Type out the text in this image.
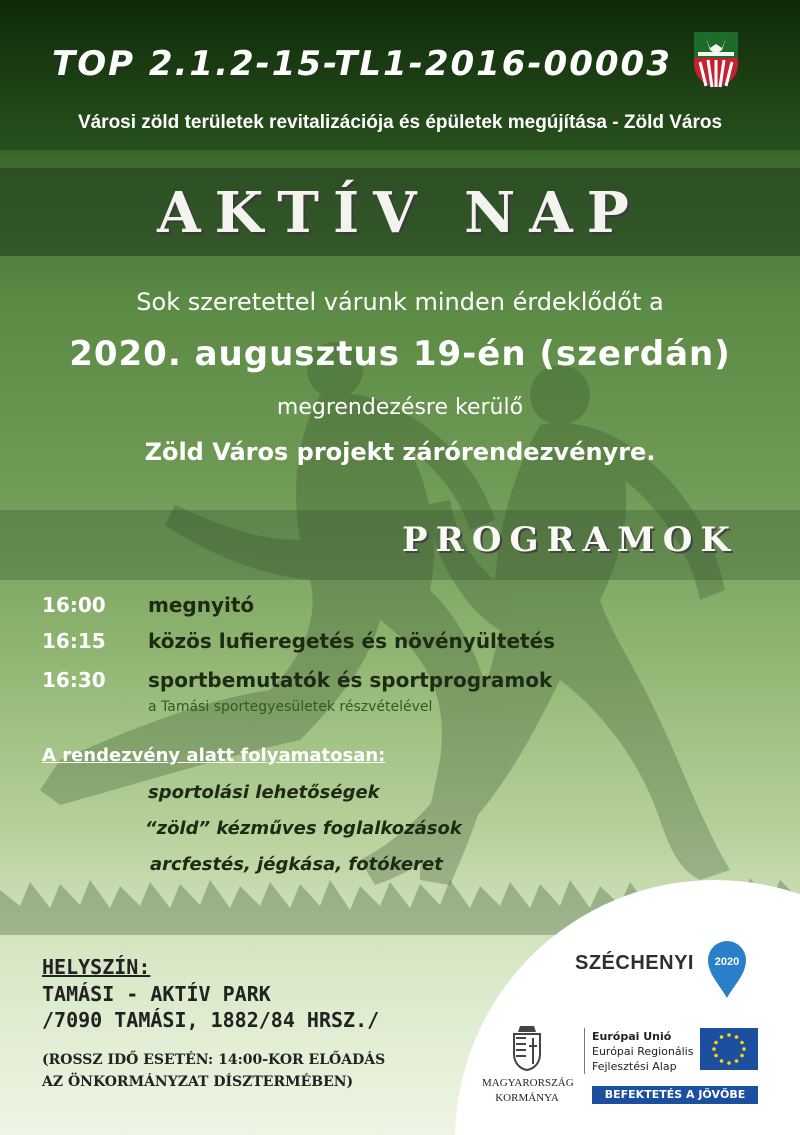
TOP 2.1.2-15-TL1-2016-00003
Városi zöld területek revitalizációja és épületek megújítása - Zöld Város
AKTÍV NAP
Sok szeretettel várunk minden érdeklődőt a
2020. augusztus 19-én (szerdán)
megrendezésre kerülő
Zöld Város projekt zárórendezvényre.
PROGRAMOK
16:00 megnyitó
16:15 közös lufieregetés és növényültetés
16:30 sportbemutatók és sportprogramok
a Tamási sportegyesületek részvételével
A rendezvény alatt folyamatosan:
sportolási lehetőségek
“zöld” kézműves foglalkozások
arcfestés, jégkása, fotókeret
HELYSZÍN:
TAMÁSI - AKTÍV PARK
/7090 TAMÁSI, 1882/84 HRSZ./
(ROSSZ IDŐ ESETÉN: 14:00-KOR ELŐADÁS
AZ ÖNKORMÁNYZAT DÍSZTERMÉBEN)
SZÉCHENYI 2020
MAGYARORSZÁG
KORMÁNYA
Európai Unió
Európai Regionális
Fejlesztési Alap
BEFEKTETÉS A JÖVŐBE
